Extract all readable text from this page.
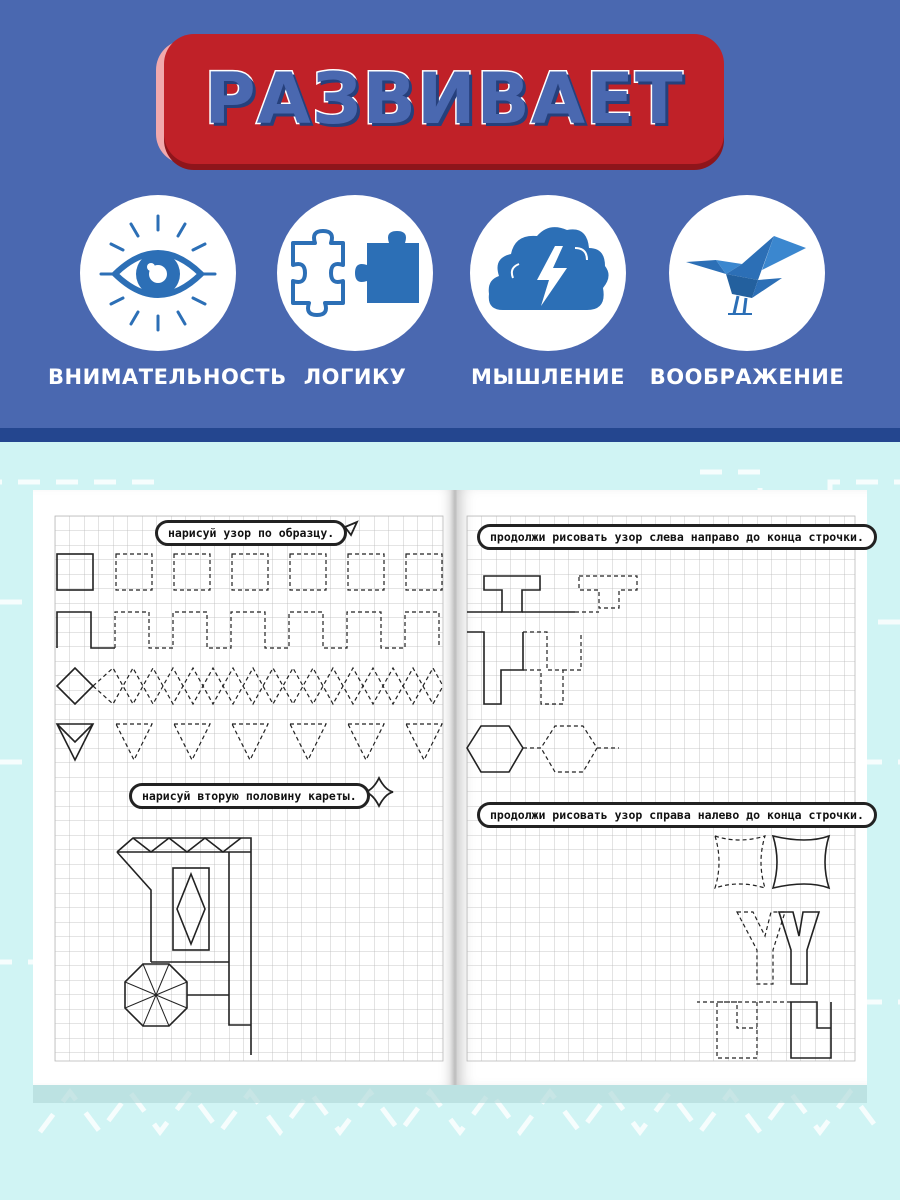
РАЗВИВАЕТ
ВНИМАТЕЛЬНОСТЬ ЛОГИКУ	МЫШЛЕНИЕ	ВООБРАЖЕНИЕ
нарисуй узор по образцу.
нарисуй вторую половину кареты.
продолжи рисовать узор слева направо до конца строчки.
продолжи рисовать узор справа налево до конца строчки.
